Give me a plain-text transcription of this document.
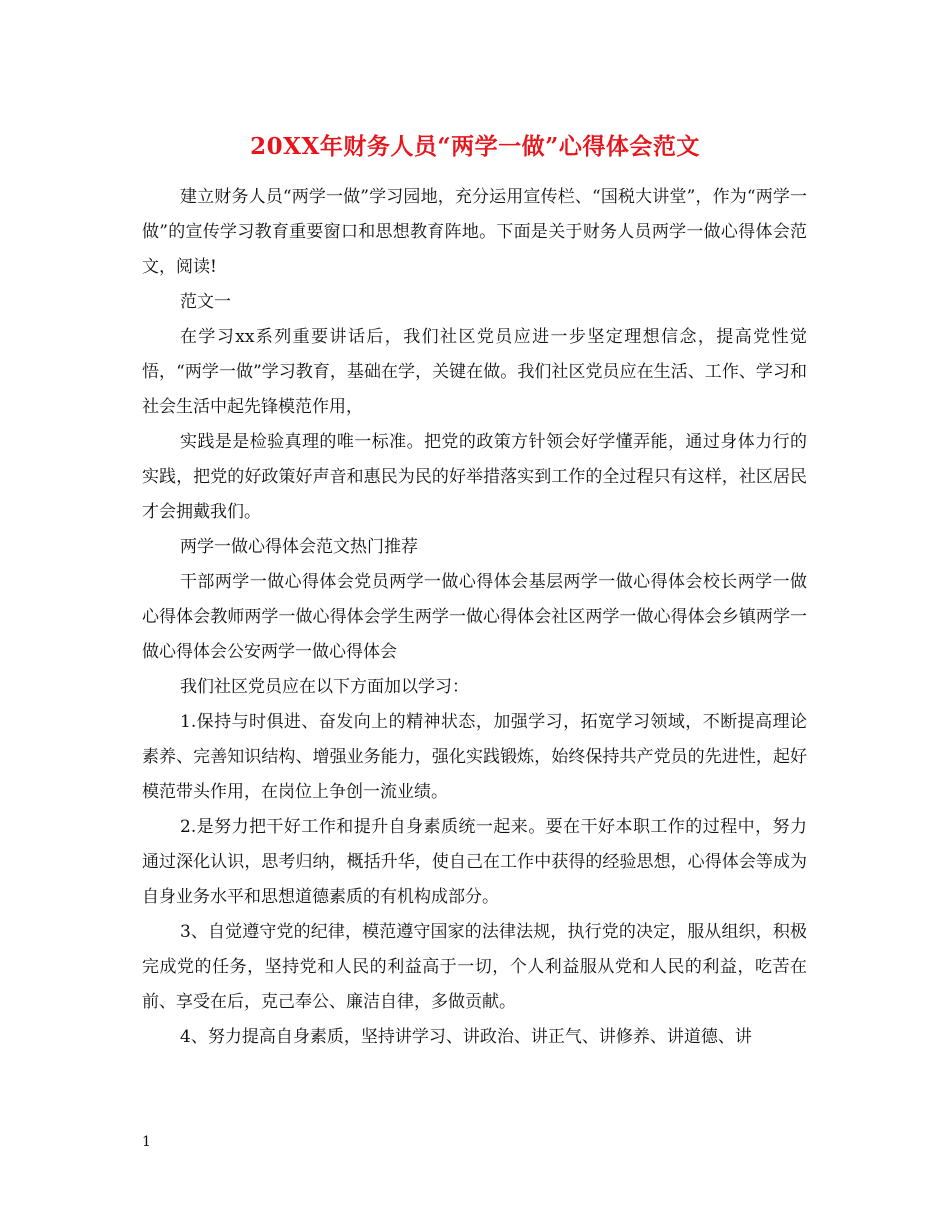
20XX年财务人员“两学一做”心得体会范文

建立财务人员“两学一做”学习园地，充分运用宣传栏、“国税大讲堂”，作为“两学一做”的宣传学习教育重要窗口和思想教育阵地。下面是关于财务人员两学一做心得体会范文，阅读!

范文一

在学习xx系列重要讲话后，我们社区党员应进一步坚定理想信念，提高党性觉悟，“两学一做”学习教育，基础在学，关键在做。我们社区党员应在生活、工作、学习和社会生活中起先锋模范作用，

实践是是检验真理的唯一标准。把党的政策方针领会好学懂弄能，通过身体力行的实践，把党的好政策好声音和惠民为民的好举措落实到工作的全过程只有这样，社区居民才会拥戴我们。

两学一做心得体会范文热门推荐

干部两学一做心得体会党员两学一做心得体会基层两学一做心得体会校长两学一做心得体会教师两学一做心得体会学生两学一做心得体会社区两学一做心得体会乡镇两学一做心得体会公安两学一做心得体会

我们社区党员应在以下方面加以学习：

1.保持与时俱进、奋发向上的精神状态，加强学习，拓宽学习领域，不断提高理论素养、完善知识结构、增强业务能力，强化实践锻炼，始终保持共产党员的先进性，起好模范带头作用，在岗位上争创一流业绩。

2.是努力把干好工作和提升自身素质统一起来。要在干好本职工作的过程中，努力通过深化认识，思考归纳，概括升华，使自己在工作中获得的经验思想，心得体会等成为自身业务水平和思想道德素质的有机构成部分。

3、自觉遵守党的纪律，模范遵守国家的法律法规，执行党的决定，服从组织，积极完成党的任务，坚持党和人民的利益高于一切，个人利益服从党和人民的利益，吃苦在前、享受在后，克己奉公、廉洁自律，多做贡献。

4、努力提高自身素质，坚持讲学习、讲政治、讲正气、讲修养、讲道德、讲

1
